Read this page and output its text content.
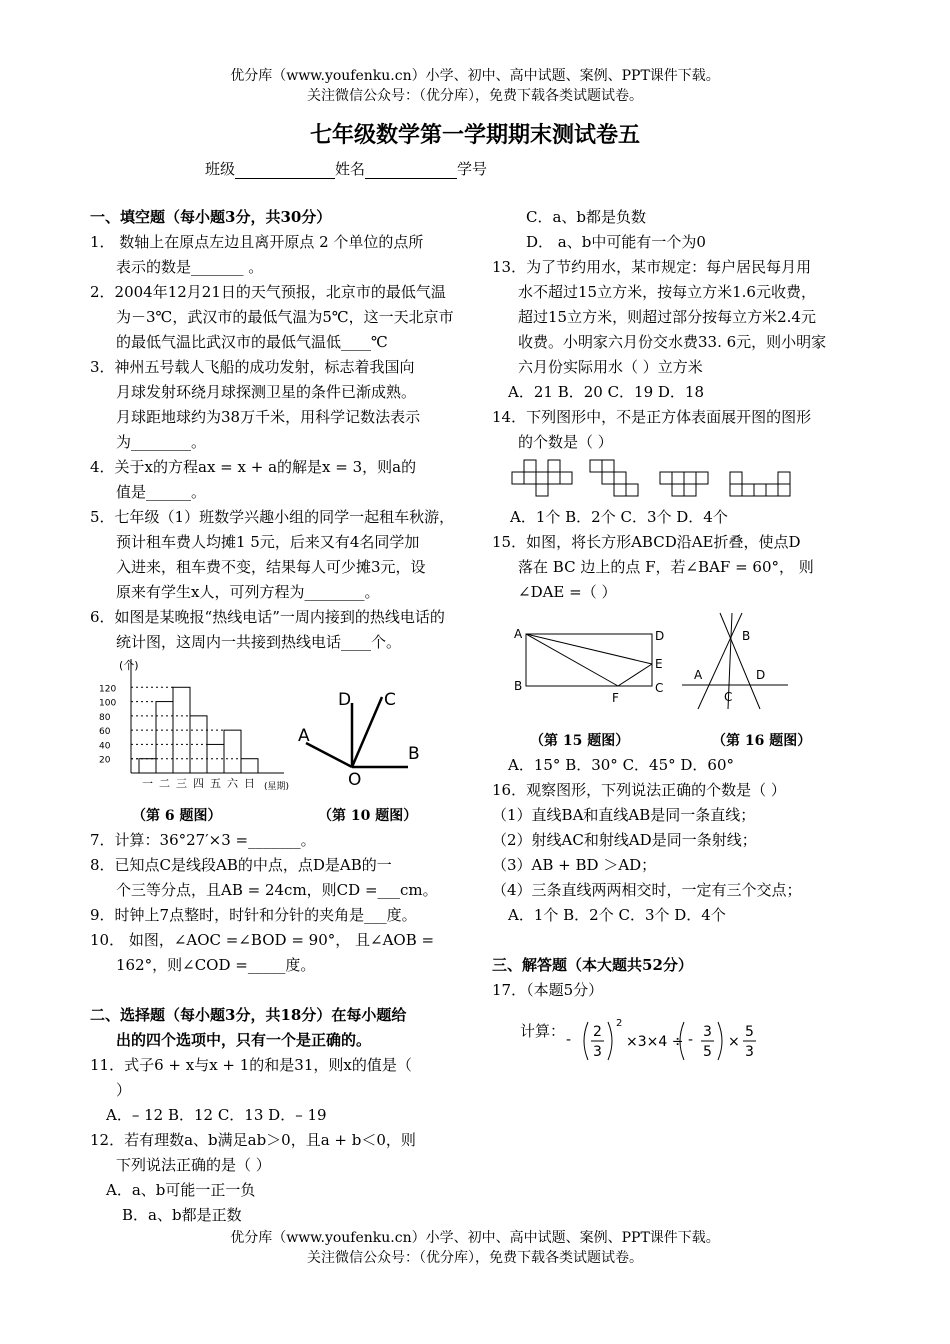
优分库（www.youfenku.cn）小学、初中、高中试题、案例、PPT课件下载。
关注微信公众号：（优分库），免费下载各类试题试卷。
七年级数学第一学期期末测试卷五
班级	姓名	学号

一、填空题（每小题3分，共30分）

1． 数轴上在原点左边且离开原点 2 个单位的点所

表示的数是_______ 。

2．2004年12月21日的天气预报，北京市的最低气温

为－3℃，武汉市的最低气温为5℃，这一天北京市

的最低气温比武汉市的最低气温低____℃

3．神州五号载人飞船的成功发射，标志着我国向

月球发射环绕月球探测卫星的条件已渐成熟。

月球距地球约为38万千米，用科学记数法表示

为________。

4．关于x的方程ax = x + a的解是x = 3，则a的

值是______。

5．七年级（1）班数学兴趣小组的同学一起租车秋游，

预计租车费人均摊1 5元，后来又有4名同学加

入进来，租车费不变，结果每人可少摊3元，设

原来有学生x人，可列方程为________。

6．如图是某晚报“热线电话”一周内接到的热线电话的

统计图，这周内一共接到热线电话____个。

(个)
20
40
60
80
100
120
一 二 三 四 五 六 日 (星期)
D C
A
B
O
（第 6 题图）	（第 10 题图）

7．计算：36°27′×3 =_______。

8．已知点C是线段AB的中点，点D是AB的一

个三等分点，且AB = 24cm，则CD =___cm。

9．时钟上7点整时，时针和分针的夹角是___度。

10． 如图，∠AOC =∠BOD = 90°， 且∠AOB =

162°，则∠COD =_____度。

二、选择题（每小题3分，共18分）在每小题给

出的四个选项中，只有一个是正确的。

11．式子6 + x与x + 1的和是31，则x的值是（

）

A．– 12 B．12 C．13 D．– 19

12．若有理数a、b满足ab＞0，且a + b＜0，则

下列说法正确的是（ ）

A．a、b可能一正一负

B．a、b都是正数

C．a、b都是负数

D． a、b中可能有一个为0

13．为了节约用水，某市规定：每户居民每月用

水不超过15立方米，按每立方米1.6元收费，

超过15立方米，则超过部分按每立方米2.4元

收费。小明家六月份交水费33. 6元，则小明家

六月份实际用水（ ）立方米

A．21 B．20 C．19 D．18

14．下列图形中，不是正方体表面展开图的图形

的个数是（ ）

A．1个 B．2个 C．3个 D．4个

15．如图，将长方形ABCD沿AE折叠，使点D

落在 BC 边上的点 F，若∠BAF = 60°， 则

∠DAE =（ ）

A	D
B
F
E
C
B
A
C
D
（第 15 题图）	（第 16 题图）

A．15° B．30° C．45° D．60°

16．观察图形，下列说法正确的个数是（ ）

（1）直线BA和直线AB是同一条直线；

（2）射线AC和射线AD是同一条射线；

（3）AB + BD ＞AD；

（4）三条直线两两相交时，一定有三个交点；

A．1个 B．2个 C．3个 D．4个

三、解答题（本大题共52分）

17．（本题5分）

计算： - 2
3
2
×3×4 ÷ - 3
5
×
5
3
优分库（www.youfenku.cn）小学、初中、高中试题、案例、PPT课件下载。
关注微信公众号：（优分库），免费下载各类试题试卷。
